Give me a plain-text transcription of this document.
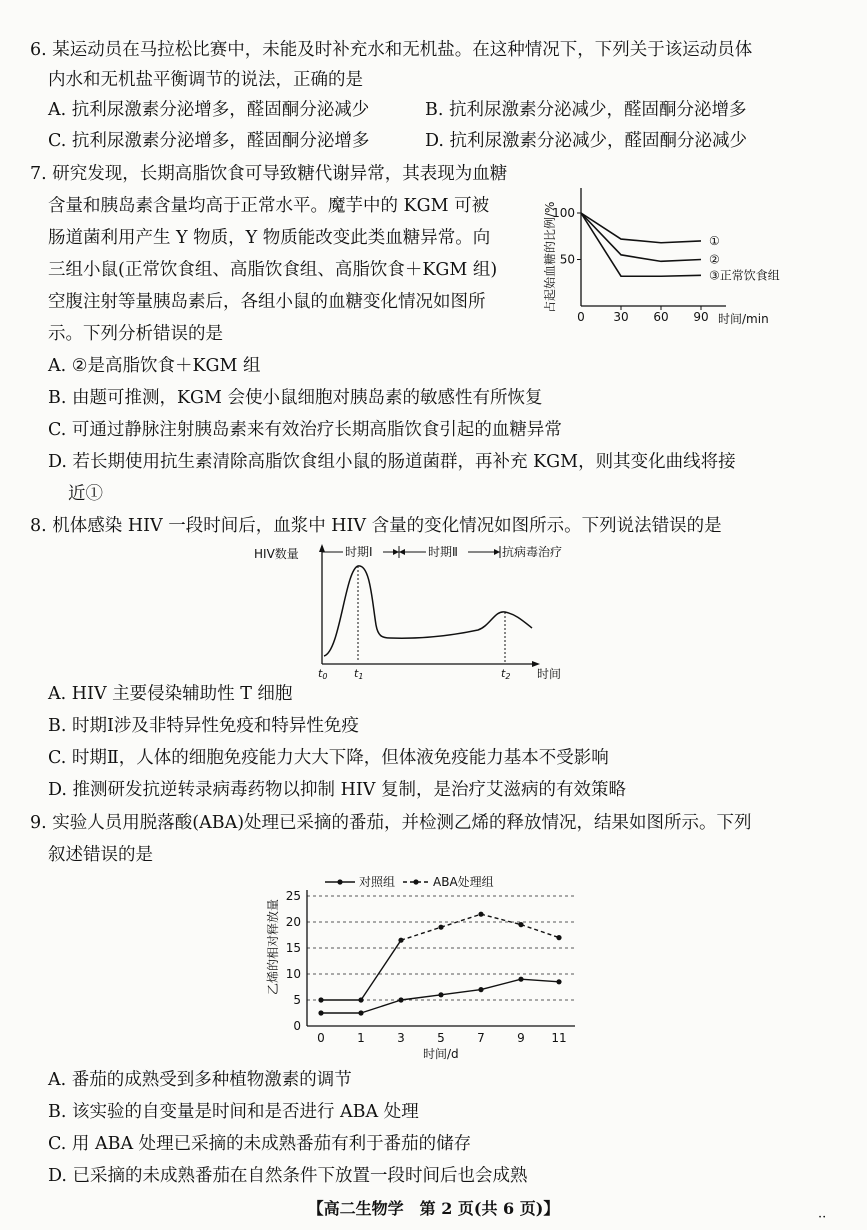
6. 某运动员在马拉松比赛中，未能及时补充水和无机盐。在这种情况下，下列关于该运动员体
内水和无机盐平衡调节的说法，正确的是
A. 抗利尿激素分泌增多，醛固酮分泌减少	B. 抗利尿激素分泌减少，醛固酮分泌增多
C. 抗利尿激素分泌增多，醛固酮分泌增多	D. 抗利尿激素分泌减少，醛固酮分泌减少
7. 研究发现，长期高脂饮食可导致糖代谢异常，其表现为血糖
含量和胰岛素含量均高于正常水平。魔芋中的 KGM 可被
肠道菌利用产生 Y 物质，Y 物质能改变此类血糖异常。向
三组小鼠(正常饮食组、高脂饮食组、高脂饮食＋KGM 组)
空腹注射等量胰岛素后，各组小鼠的血糖变化情况如图所
示。下列分析错误的是
占起始血糖的比例/% 50
100
0 30 60 90 时间/min
①
②
③正常饮食组
A. ②是高脂饮食＋KGM 组
B. 由题可推测，KGM 会使小鼠细胞对胰岛素的敏感性有所恢复
C. 可通过静脉注射胰岛素来有效治疗长期高脂饮食引起的血糖异常
D. 若长期使用抗生素清除高脂饮食组小鼠的肠道菌群，再补充 KGM，则其变化曲线将接
近①
8. 机体感染 HIV 一段时间后，血浆中 HIV 含量的变化情况如图所示。下列说法错误的是
HIV数量	时期Ⅰ	时期Ⅱ	抗病毒治疗
t0 t1	t2 时间
A. HIV 主要侵染辅助性 T 细胞
B. 时期Ⅰ涉及非特异性免疫和特异性免疫
C. 时期Ⅱ，人体的细胞免疫能力大大下降，但体液免疫能力基本不受影响
D. 推测研发抗逆转录病毒药物以抑制 HIV 复制，是治疗艾滋病的有效策略
9. 实验人员用脱落酸(ABA)处理已采摘的番茄，并检测乙烯的释放情况，结果如图所示。下列
叙述错误的是
对照组	ABA处理组
乙烯的相对释放量
0
5
10
15
20
25
0	1	3	5	7	9 11
时间/d
A. 番茄的成熟受到多种植物激素的调节
B. 该实验的自变量是时间和是否进行 ABA 处理
C. 用 ABA 处理已采摘的未成熟番茄有利于番茄的储存
D. 已采摘的未成熟番茄在自然条件下放置一段时间后也会成熟
【高二生物学　第 2 页(共 6 页)】	··
